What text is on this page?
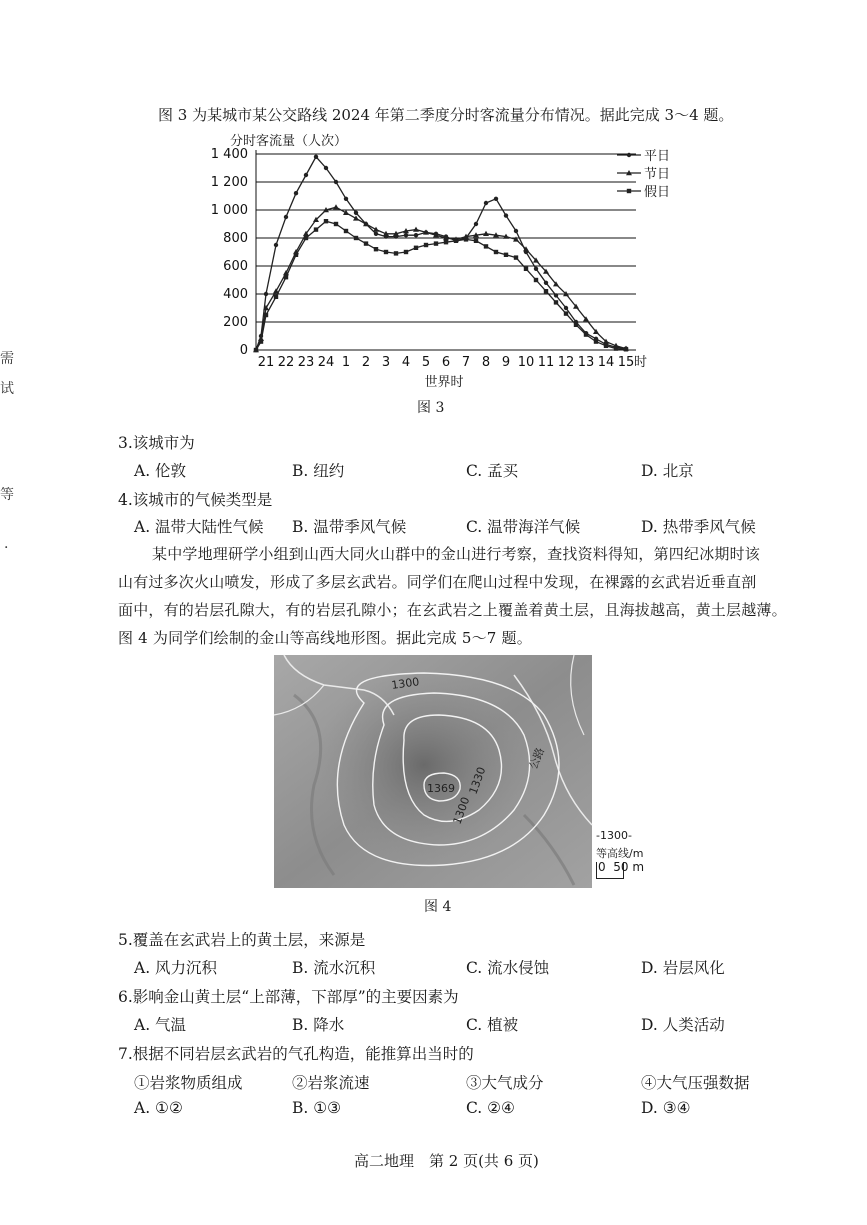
需
试
等
·
图 3 为某城市某公交路线 2024 年第二季度分时客流量分布情况。据此完成 3～4 题。
0
200
400
600
800
1 000
1 200
1 400
21 22 23 24 1 2 3 4 5 6 7 8 9 10 11 12 13 14 15 时
平日
节日
假日
分时客流量（人次）
世界时
图 3
3.该城市为
A. 伦敦	B. 纽约	C. 孟买	D. 北京
4.该城市的气候类型是
A. 温带大陆性气候 B. 温带季风气候	C. 温带海洋气候	D. 热带季风气候
某中学地理研学小组到山西大同火山群中的金山进行考察，查找资料得知，第四纪冰期时该
山有过多次火山喷发，形成了多层玄武岩。同学们在爬山过程中发现，在裸露的玄武岩近垂直剖
面中，有的岩层孔隙大，有的岩层孔隙小；在玄武岩之上覆盖着黄土层，且海拔越高，黄土层越薄。
图 4 为同学们绘制的金山等高线地形图。据此完成 5～7 题。
1300
1369 1330
1300
公路
-1300-
等高线/m
0  50 m
图 4
5.覆盖在玄武岩上的黄土层，来源是
A. 风力沉积	B. 流水沉积	C. 流水侵蚀	D. 岩层风化
6.影响金山黄土层“上部薄，下部厚”的主要因素为
A. 气温	B. 降水	C. 植被	D. 人类活动
7.根据不同岩层玄武岩的气孔构造，能推算出当时的
①岩浆物质组成	②岩浆流速	③大气成分	④大气压强数据
A. ①②	B. ①③	C. ②④	D. ③④
高二地理　第 2 页(共 6 页)
